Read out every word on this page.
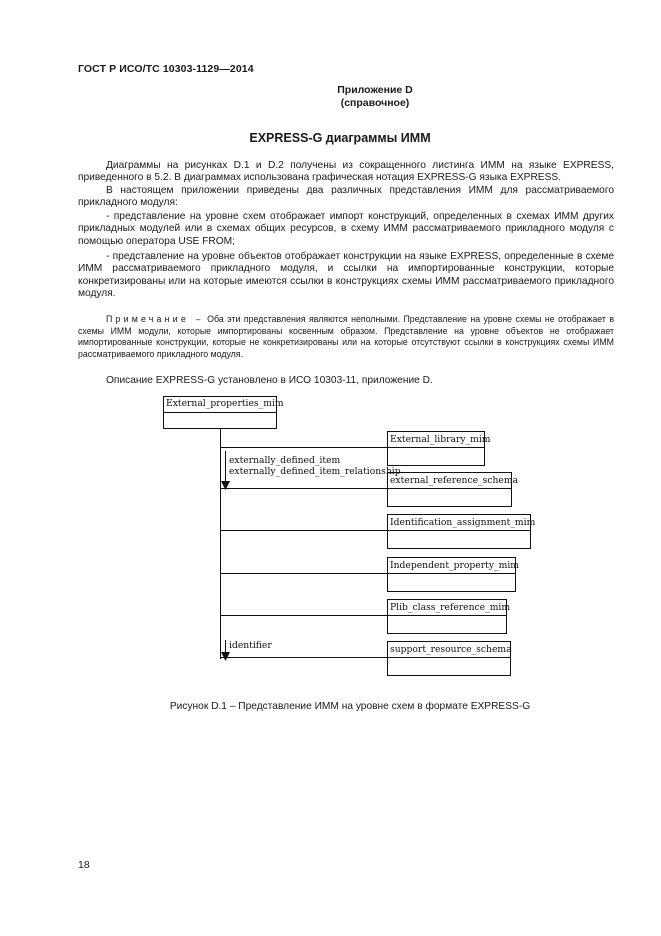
ГОСТ Р ИСО/ТС 10303-1129—2014
Приложение D
(справочное)
EXPRESS-G диаграммы ИММ

Диаграммы на рисунках D.1 и D.2 получены из сокращенного листинга ИММ на языке EXPRESS, приведенного в 5.2. В диаграммах использована графическая нотация EXPRESS-G языка EXPRESS.

В настоящем приложении приведены два различных представления ИММ для рассматриваемого прикладного модуля:

- представление на уровне схем отображает импорт конструкций, определенных в схемах ИММ других прикладных модулей или в схемах общих ресурсов, в схему ИММ рассматриваемого прикладного модуля с помощью оператора USE FROM;

- представление на уровне объектов отображает конструкции на языке EXPRESS, определенные в схеме ИММ рассматриваемого прикладного модуля, и ссылки на импортированные конструкции, которые конкретизированы или на которые имеются ссылки в конструкциях схемы ИММ рассматриваемого прикладного модуля.

Примечание – Оба эти представления являются неполными. Представление на уровне схемы не отображает в схемы ИММ модули, которые импортированы косвенным образом. Представление на уровне объектов не отображает импортированные конструкции, которые не конкретизированы или на которые отсутствуют ссылки в конструкциях схемы ИММ рассматриваемого прикладного модуля.

Описание EXPRESS-G установлено в ИСО 10303-11, приложение D.
External_properties_mim
External_library_mim
external_reference_schema
Identification_assignment_mim
Independent_property_mim
Plib_class_reference_mim
support_resource_schema
externally_defined_item
externally_defined_item_relationship
identifier
Рисунок D.1 – Представление ИММ на уровне схем в формате EXPRESS-G
18
